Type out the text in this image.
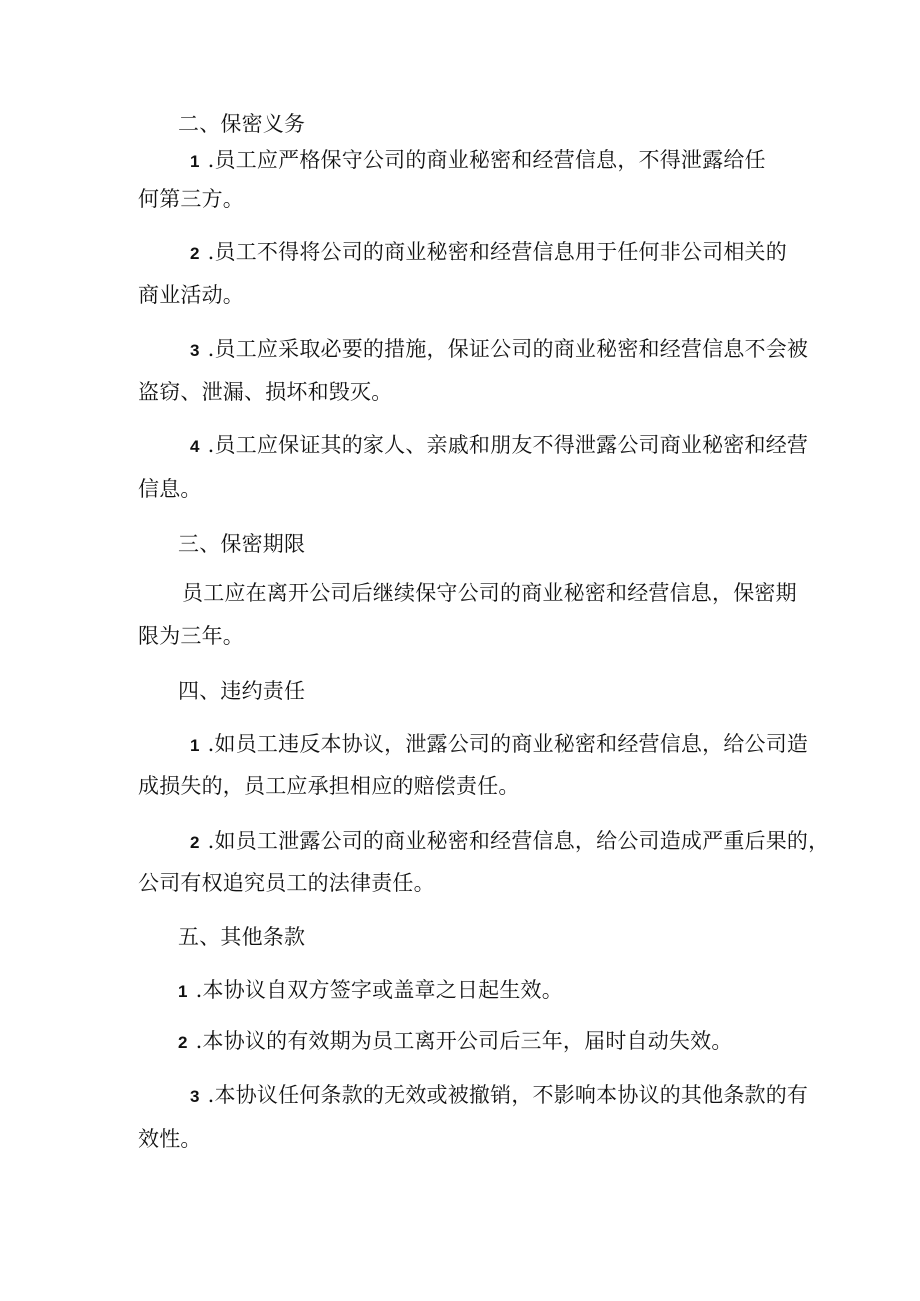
二、保密义务
1 .员工应严格保守公司的商业秘密和经营信息，不得泄露给任
何第三方。
2 .员工不得将公司的商业秘密和经营信息用于任何非公司相关的
商业活动。
3 .员工应采取必要的措施，保证公司的商业秘密和经营信息不会被
盗窃、泄漏、损坏和毁灭。
4 .员工应保证其的家人、亲戚和朋友不得泄露公司商业秘密和经营
信息。
三、保密期限
员工应在离开公司后继续保守公司的商业秘密和经营信息，保密期
限为三年。
四、违约责任
1 .如员工违反本协议，泄露公司的商业秘密和经营信息，给公司造
成损失的，员工应承担相应的赔偿责任。
2 .如员工泄露公司的商业秘密和经营信息，给公司造成严重后果的，
公司有权追究员工的法律责任。
五、其他条款
1 .本协议自双方签字或盖章之日起生效。
2 .本协议的有效期为员工离开公司后三年，届时自动失效。
3 .本协议任何条款的无效或被撤销，不影响本协议的其他条款的有
效性。
